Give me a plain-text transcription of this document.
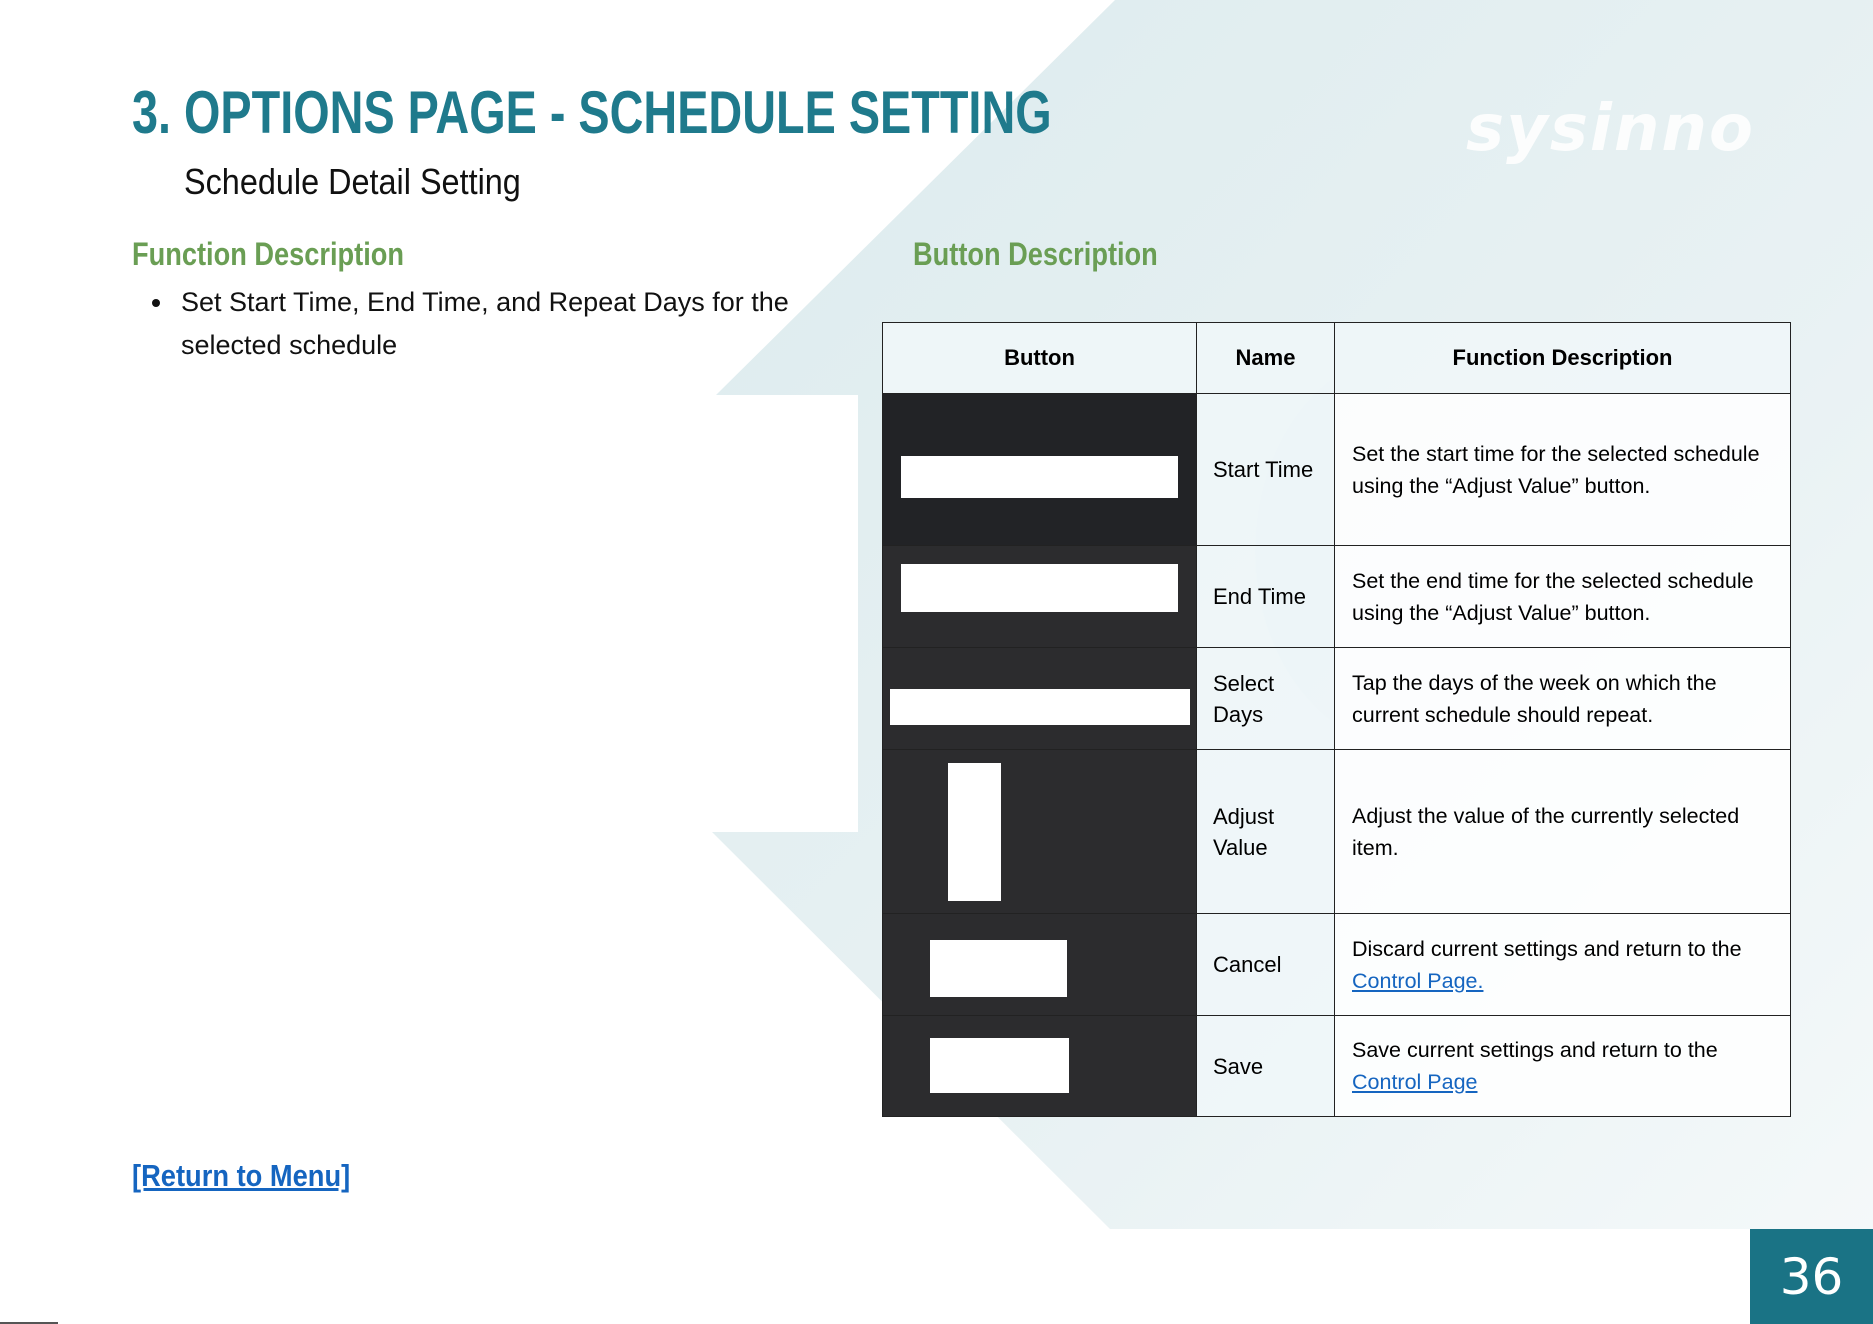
sysinno
3. OPTIONS PAGE - SCHEDULE SETTING
Schedule Detail Setting
Function Description	Button Description
Set Start Time, End Time, and Repeat Days for the selected schedule	Button	Name	Function Description

	Start Time	Set the start time for the selected schedule using the “Adjust Value” button.

	End Time	Set the end time for the selected schedule using the “Adjust Value” button.

	Select Days	Tap the days of the week on which the current schedule should repeat.

	Adjust Value	Adjust the value of the currently selected item.

	Cancel	Discard current settings and return to the Control Page.

	Save	Save current settings and return to the Control Page
[Return to Menu]
36
